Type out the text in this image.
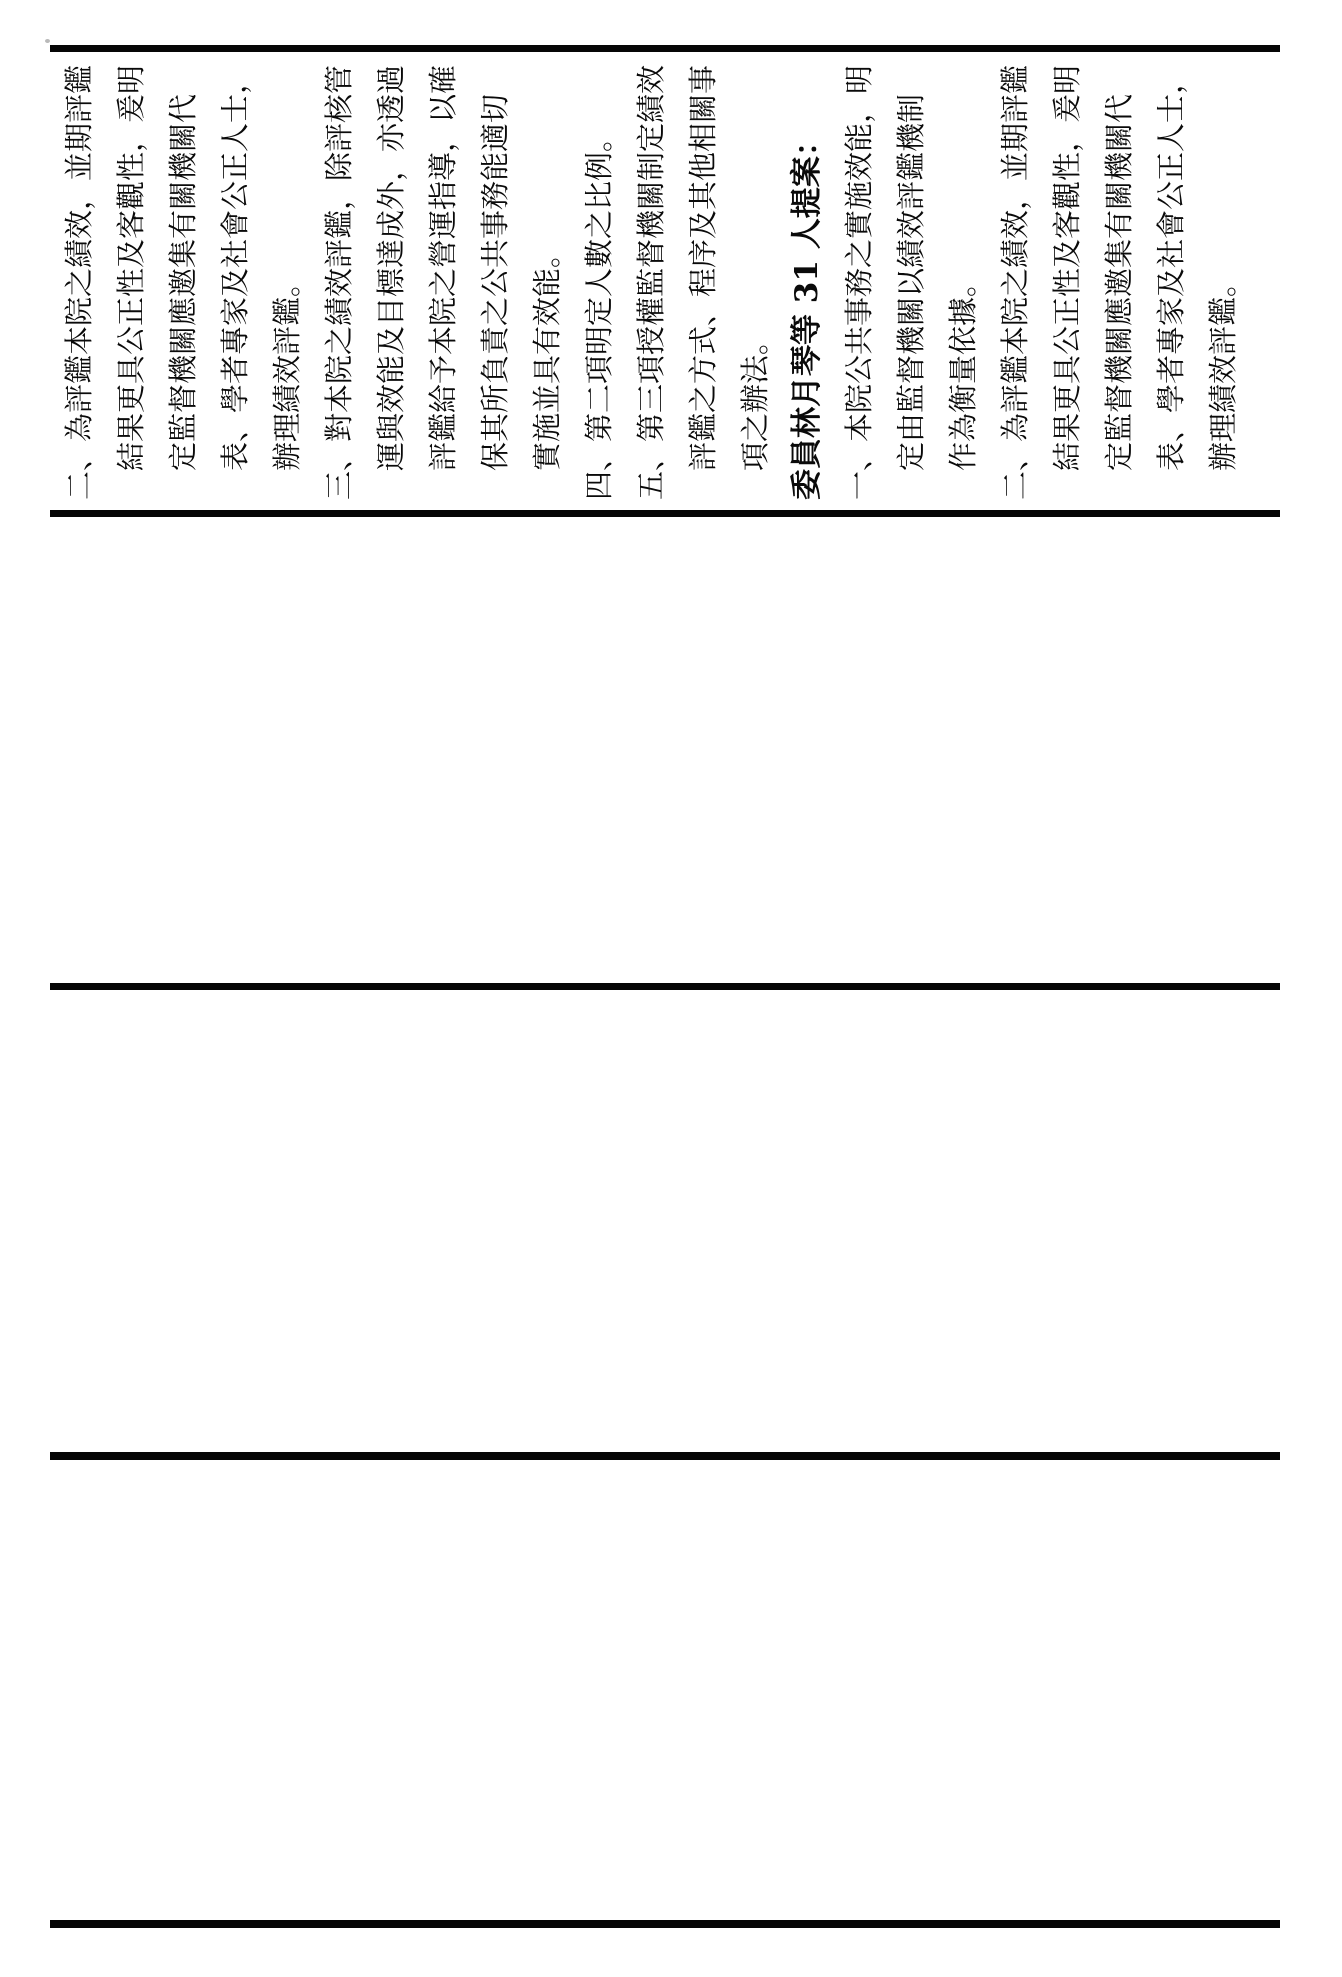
二、為評鑑本院之績效，並期評鑑 結果更具公正性及客觀性，爰明 定監督機關應邀集有關機關代 表、學者專家及社會公正人士， 辦理績效評鑑。 三、對本院之績效評鑑，除評核管 運與效能及目標達成外，亦透過 評鑑給予本院之營運指導，以確 保其所負責之公共事務能適切 實施並具有效能。 四、第二項明定人數之比例。 五、第三項授權監督機關制定績效 評鑑之方式、程序及其他相關事 項之辦法。 委員林月琴等 31 人提案： 一、本院公共事務之實施效能，明 定由監督機關以績效評鑑機制 作為衡量依據。 二、為評鑑本院之績效，並期評鑑 結果更具公正性及客觀性，爰明 定監督機關應邀集有關機關代 表、學者專家及社會公正人士， 辦理績效評鑑。
